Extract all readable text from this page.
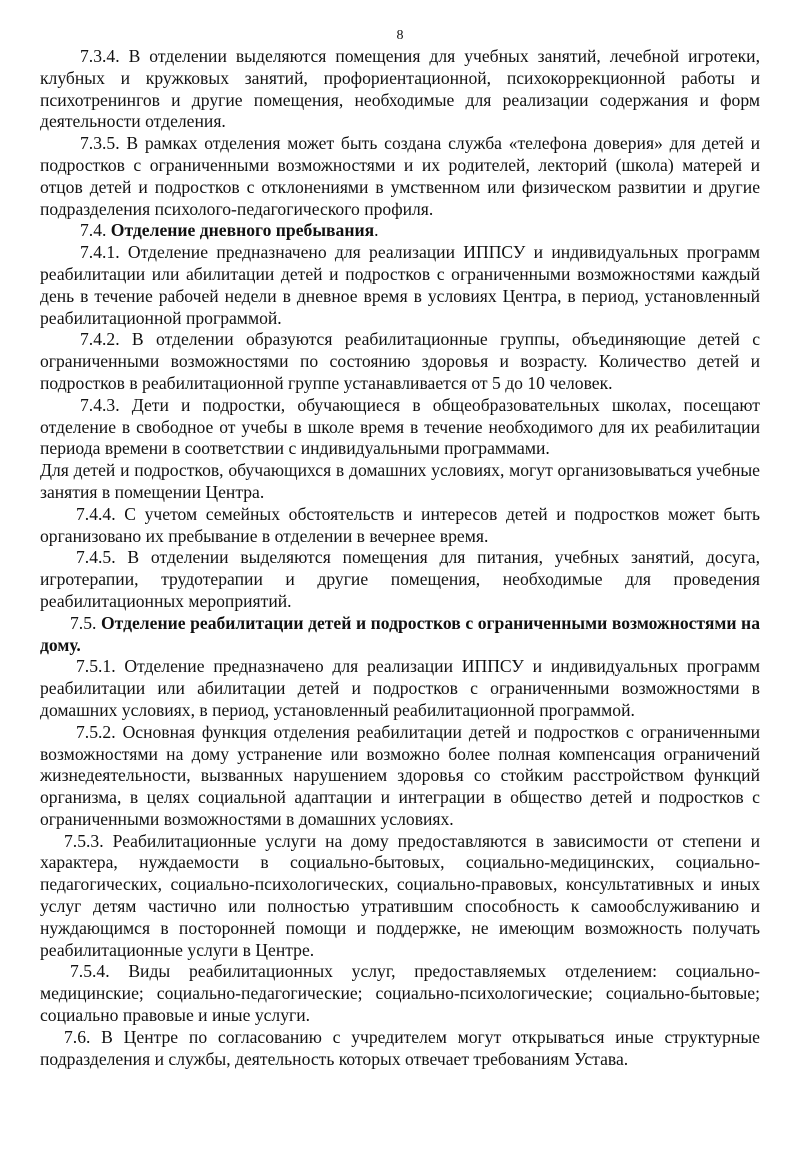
8

7.3.4. В отделении выделяются помещения для учебных занятий, лечебной игротеки, клубных и кружковых занятий, профориентационной, психокоррекционной работы и психотренингов и другие помещения, необходимые для реализации содержания и форм деятельности отделения.

7.3.5. В рамках отделения может быть создана служба «телефона доверия» для детей и подростков с ограниченными возможностями и их родителей, лекторий (школа) матерей и отцов детей и подростков с отклонениями в умственном или физическом развитии и другие подразделения психолого-педагогического профиля.

7.4. Отделение дневного пребывания.

7.4.1. Отделение предназначено для реализации ИППСУ и индивидуальных программ реабилитации или абилитации детей и подростков с ограниченными возможностями каждый день в течение рабочей недели в дневное время в условиях Центра, в период, установленный реабилитационной программой.

7.4.2. В отделении образуются реабилитационные группы, объединяющие детей с ограниченными возможностями по состоянию здоровья и возрасту. Количество детей и подростков в реабилитационной группе устанавливается от 5 до 10 человек.

7.4.3. Дети и подростки, обучающиеся в общеобразовательных школах, посещают отделение в свободное от учебы в школе время в течение необходимого для их реабилитации периода времени в соответствии с индивидуальными программами.

Для детей и подростков, обучающихся в домашних условиях, могут организовываться учебные занятия в помещении Центра.

7.4.4. С учетом семейных обстоятельств и интересов детей и подростков может быть организовано их пребывание в отделении в вечернее время.

7.4.5. В отделении выделяются помещения для питания, учебных занятий, досуга, игротерапии, трудотерапии и другие помещения, необходимые для проведения реабилитационных мероприятий.

7.5. Отделение реабилитации детей и подростков с ограниченными возможностями на дому.

7.5.1. Отделение предназначено для реализации ИППСУ и индивидуальных программ реабилитации или абилитации детей и подростков с ограниченными возможностями в домашних условиях, в период, установленный реабилитационной программой.

7.5.2. Основная функция отделения реабилитации детей и подростков с ограниченными возможностями на дому устранение или возможно более полная компенсация ограничений жизнедеятельности, вызванных нарушением здоровья со стойким расстройством функций организма, в целях социальной адаптации и интеграции в общество детей и подростков с ограниченными возможностями в домашних условиях.

7.5.3. Реабилитационные услуги на дому предоставляются в зависимости от степени и характера, нуждаемости в социально-бытовых, социально-медицинских, социально-педагогических, социально-психологических, социально-правовых, консультативных и иных услуг детям частично или полностью утратившим способность к самообслуживанию и нуждающимся в посторонней помощи и поддержке, не имеющим возможность получать реабилитационные услуги в Центре.

7.5.4. Виды реабилитационных услуг, предоставляемых отделением: социально-медицинские; социально-педагогические; социально-психологические; социально-бытовые; социально правовые и иные услуги.

7.6. В Центре по согласованию с учредителем могут открываться иные структурные подразделения и службы, деятельность которых отвечает требованиям Устава.
